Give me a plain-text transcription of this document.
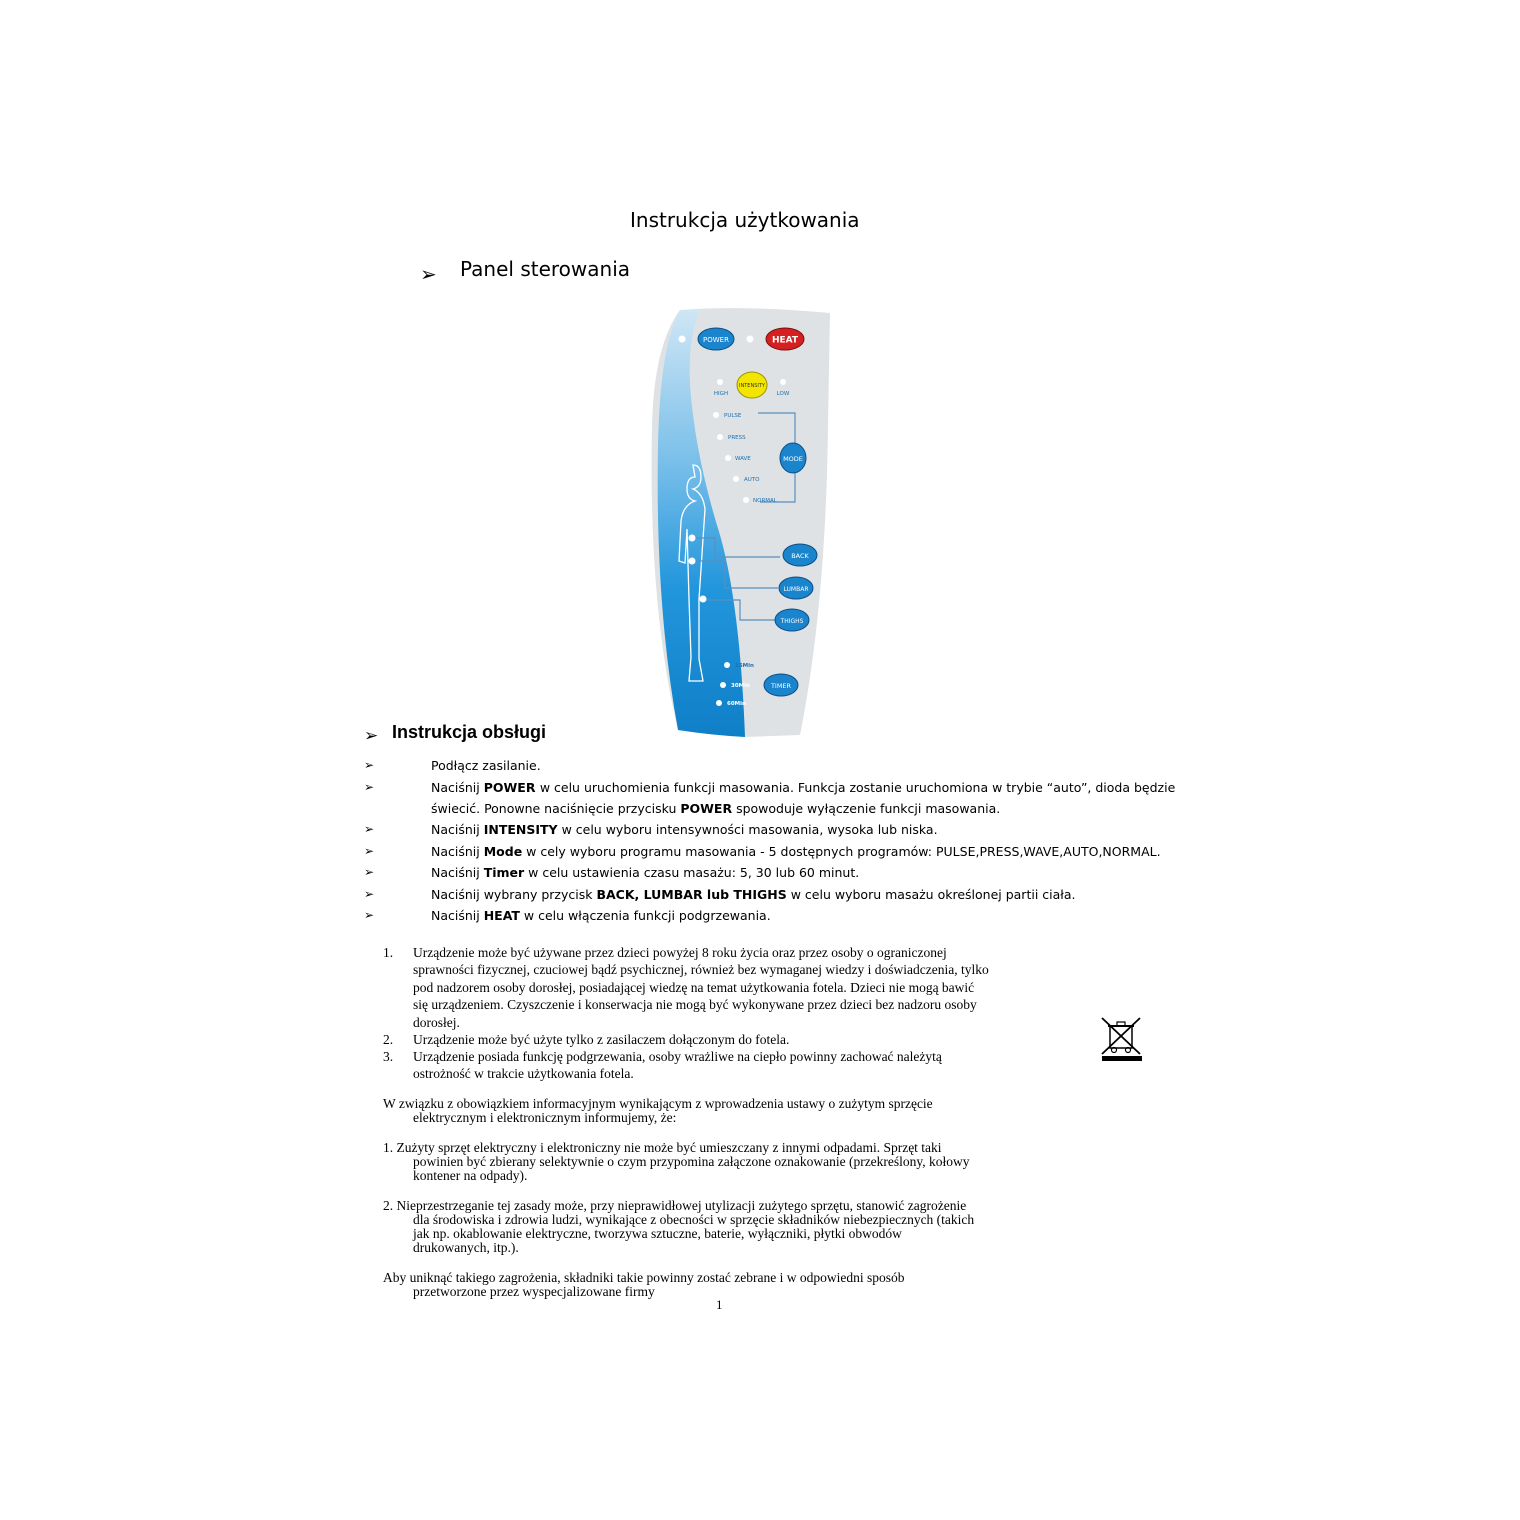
Instrukcja użytkowania
➢ Panel sterowania
POWER	HEAT
INTENSITY
MODE
BACK
LUMBAR
THIGHS
TIMER
HIGH	LOW
PULSE
PRESS
WAVE
AUTO
NORMAL
15Min
30Min
60Min
➢ Instrukcja obsługi
➢	Podłącz zasilanie.
➢	Naciśnij POWER w celu uruchomienia funkcji masowania. Funkcja zostanie uruchomiona w trybie “auto”, dioda będzie
świecić. Ponowne naciśnięcie przycisku POWER spowoduje wyłączenie funkcji masowania.
➢	Naciśnij INTENSITY w celu wyboru intensywności masowania, wysoka lub niska.
➢	Naciśnij Mode w cely wyboru programu masowania - 5 dostępnych programów: PULSE,PRESS,WAVE,AUTO,NORMAL.
➢	Naciśnij Timer w celu ustawienia czasu masażu: 5, 30 lub 60 minut.
➢	Naciśnij wybrany przycisk BACK, LUMBAR lub THIGHS w celu wyboru masażu określonej partii ciała.
➢	Naciśnij HEAT w celu włączenia funkcji podgrzewania.
1. Urządzenie może być używane przez dzieci powyżej 8 roku życia oraz przez osoby o ograniczonej
sprawności fizycznej, czuciowej bądź psychicznej, również bez wymaganej wiedzy i doświadczenia, tylko
pod nadzorem osoby dorosłej, posiadającej wiedzę na temat użytkowania fotela. Dzieci nie mogą bawić
się urządzeniem. Czyszczenie i konserwacja nie mogą być wykonywane przez dzieci bez nadzoru osoby
dorosłej.
2. Urządzenie może być użyte tylko z zasilaczem dołączonym do fotela.
3. Urządzenie posiada funkcję podgrzewania, osoby wrażliwe na ciepło powinny zachować należytą
ostrożność w trakcie użytkowania fotela.
W związku z obowiązkiem informacyjnym wynikającym z wprowadzenia ustawy o zużytym sprzęcie
elektrycznym i elektronicznym informujemy, że:
1. Zużyty sprzęt elektryczny i elektroniczny nie może być umieszczany z innymi odpadami. Sprzęt taki
powinien być zbierany selektywnie o czym przypomina załączone oznakowanie (przekreślony, kołowy
kontener na odpady).
2. Nieprzestrzeganie tej zasady może, przy nieprawidłowej utylizacji zużytego sprzętu, stanowić zagrożenie
dla środowiska i zdrowia ludzi, wynikające z obecności w sprzęcie składników niebezpiecznych (takich
jak np. okablowanie elektryczne, tworzywa sztuczne, baterie, wyłączniki, płytki obwodów
drukowanych, itp.).
Aby uniknąć takiego zagrożenia, składniki takie powinny zostać zebrane i w odpowiedni sposób
przetworzone przez wyspecjalizowane firmy
1
